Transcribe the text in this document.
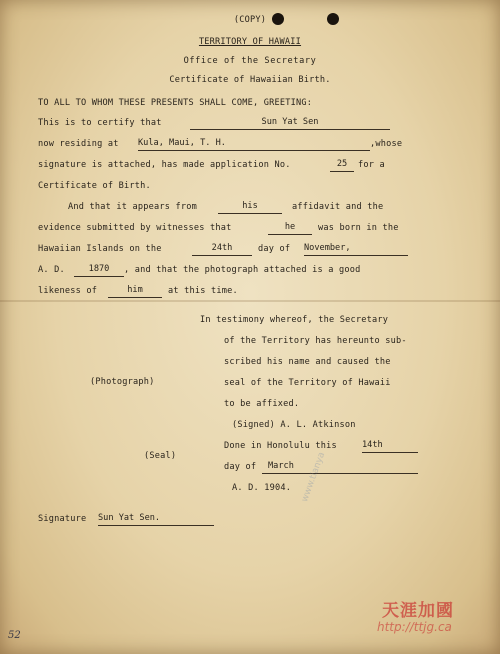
(COPY)
TERRITORY OF HAWAII
Office of the Secretary
Certificate of Hawaiian Birth.
TO ALL TO WHOM THESE PRESENTS SHALL COME, GREETING:
This is to certify that	Sun Yat Sen
now residing at Kula, Maui, T. H.	,whose
signature is attached, has made application No.	25	for a
Certificate of Birth.
And that it appears from	his	affidavit and the
evidence submitted by witnesses that	he	was born in the
Hawaiian Islands on the	24th	day of November,
A. D.	1870	, and that the photograph attached is a good
likeness of	him	at this time.
In testimony whereof, the Secretary
of the Territory has hereunto sub-
scribed his name and caused the
seal of the Territory of Hawaii
to be affixed.
(Photograph)
(Signed) A. L. Atkinson
Done in Honolulu this	14th
(Seal)
day of March
A. D. 1904.
Signature Sun Yat Sen.
52
www.tianya
天涯加國
http://ttjg.ca
